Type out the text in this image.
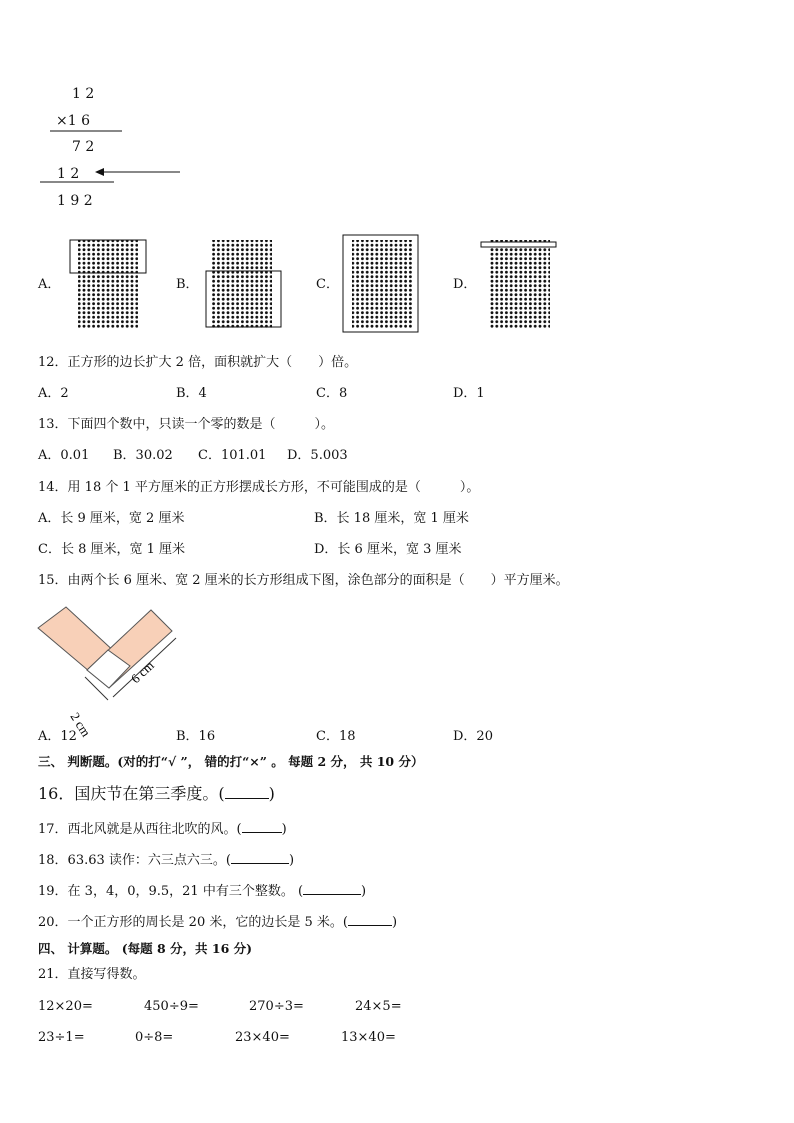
1 2
×1 6
7 2
1 2
1 9 2
A．	B．	C．	D．
12．正方形的边长扩大 2 倍，面积就扩大（　　）倍。
A．2	B．4	C．8	D．1
13．下面四个数中，只读一个零的数是（　　　）。
A．0.01 B．30.02 C．101.01 D．5.003
14．用 18 个 1 平方厘米的正方形摆成长方形，不可能围成的是（　　　）。
A．长 9 厘米，宽 2 厘米	B．长 18 厘米，宽 1 厘米
C．长 8 厘米，宽 1 厘米	D．长 6 厘米，宽 3 厘米
15．由两个长 6 厘米、宽 2 厘米的长方形组成下图，涂色部分的面积是（　　）平方厘米。
2 cm
6 cm
A．12	B．16	C．18	D．20
三、 判断题。(对的打“√ ”， 错的打“×” 。 每题 2 分， 共 10 分）
16．国庆节在第三季度。(	)
17．西北风就是从西往北吹的风。(	)
18．63.63 读作：六三点六三。(	)
19．在 3，4，0，9.5，21 中有三个整数。 (	)
20．一个正方形的周长是 20 米，它的边长是 5 米。(	)
四、 计算题。 (每题 8 分，共 16 分)
21．直接写得数。
12×20=	450÷9=	270÷3=	24×5=
23÷1=	0÷8=	23×40=	13×40=
